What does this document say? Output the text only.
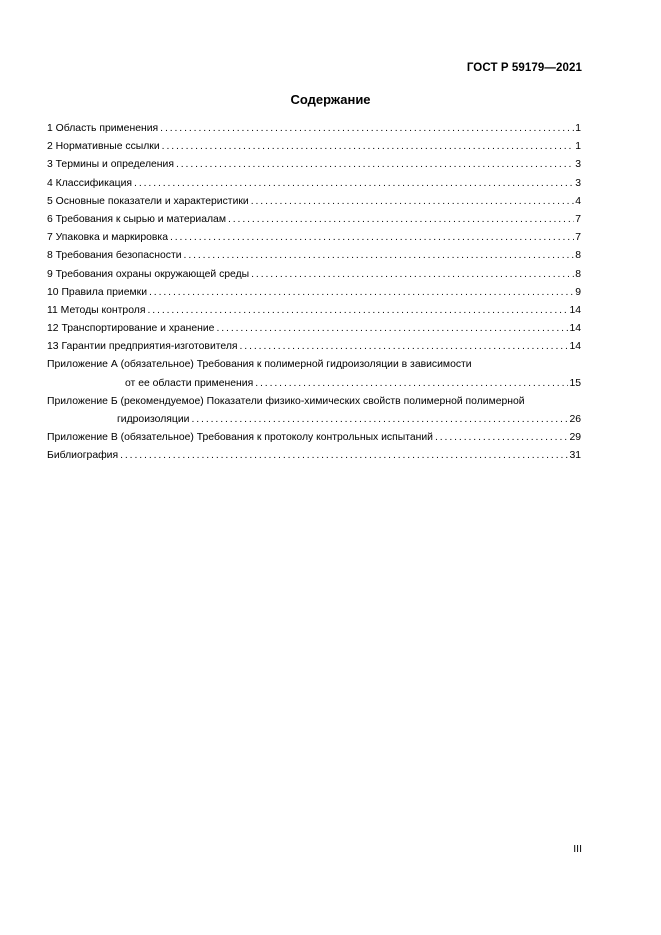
ГОСТ Р 59179—2021
Содержание
1 Область применения .....	1
2 Нормативные ссылки .....	1
3 Термины и определения .....	3
4 Классификация .....	3
5 Основные показатели и характеристики .....	4
6 Требования к сырью и материалам .....	7
7 Упаковка и маркировка .....	7
8 Требования безопасности .....	8
9 Требования охраны окружающей среды .....	8
10 Правила приемки .....	9
11 Методы контроля .....	14
12 Транспортирование и хранение .....	14
13 Гарантии предприятия-изготовителя .....	14
Приложение А (обязательное) Требования к полимерной гидроизоляции в зависимости
от ее области применения .....	15
Приложение Б (рекомендуемое) Показатели физико-химических свойств полимерной полимерной
гидроизоляции .....	26
Приложение В (обязательное) Требования к протоколу контрольных испытаний .....	29
Библиография .....	31
III
